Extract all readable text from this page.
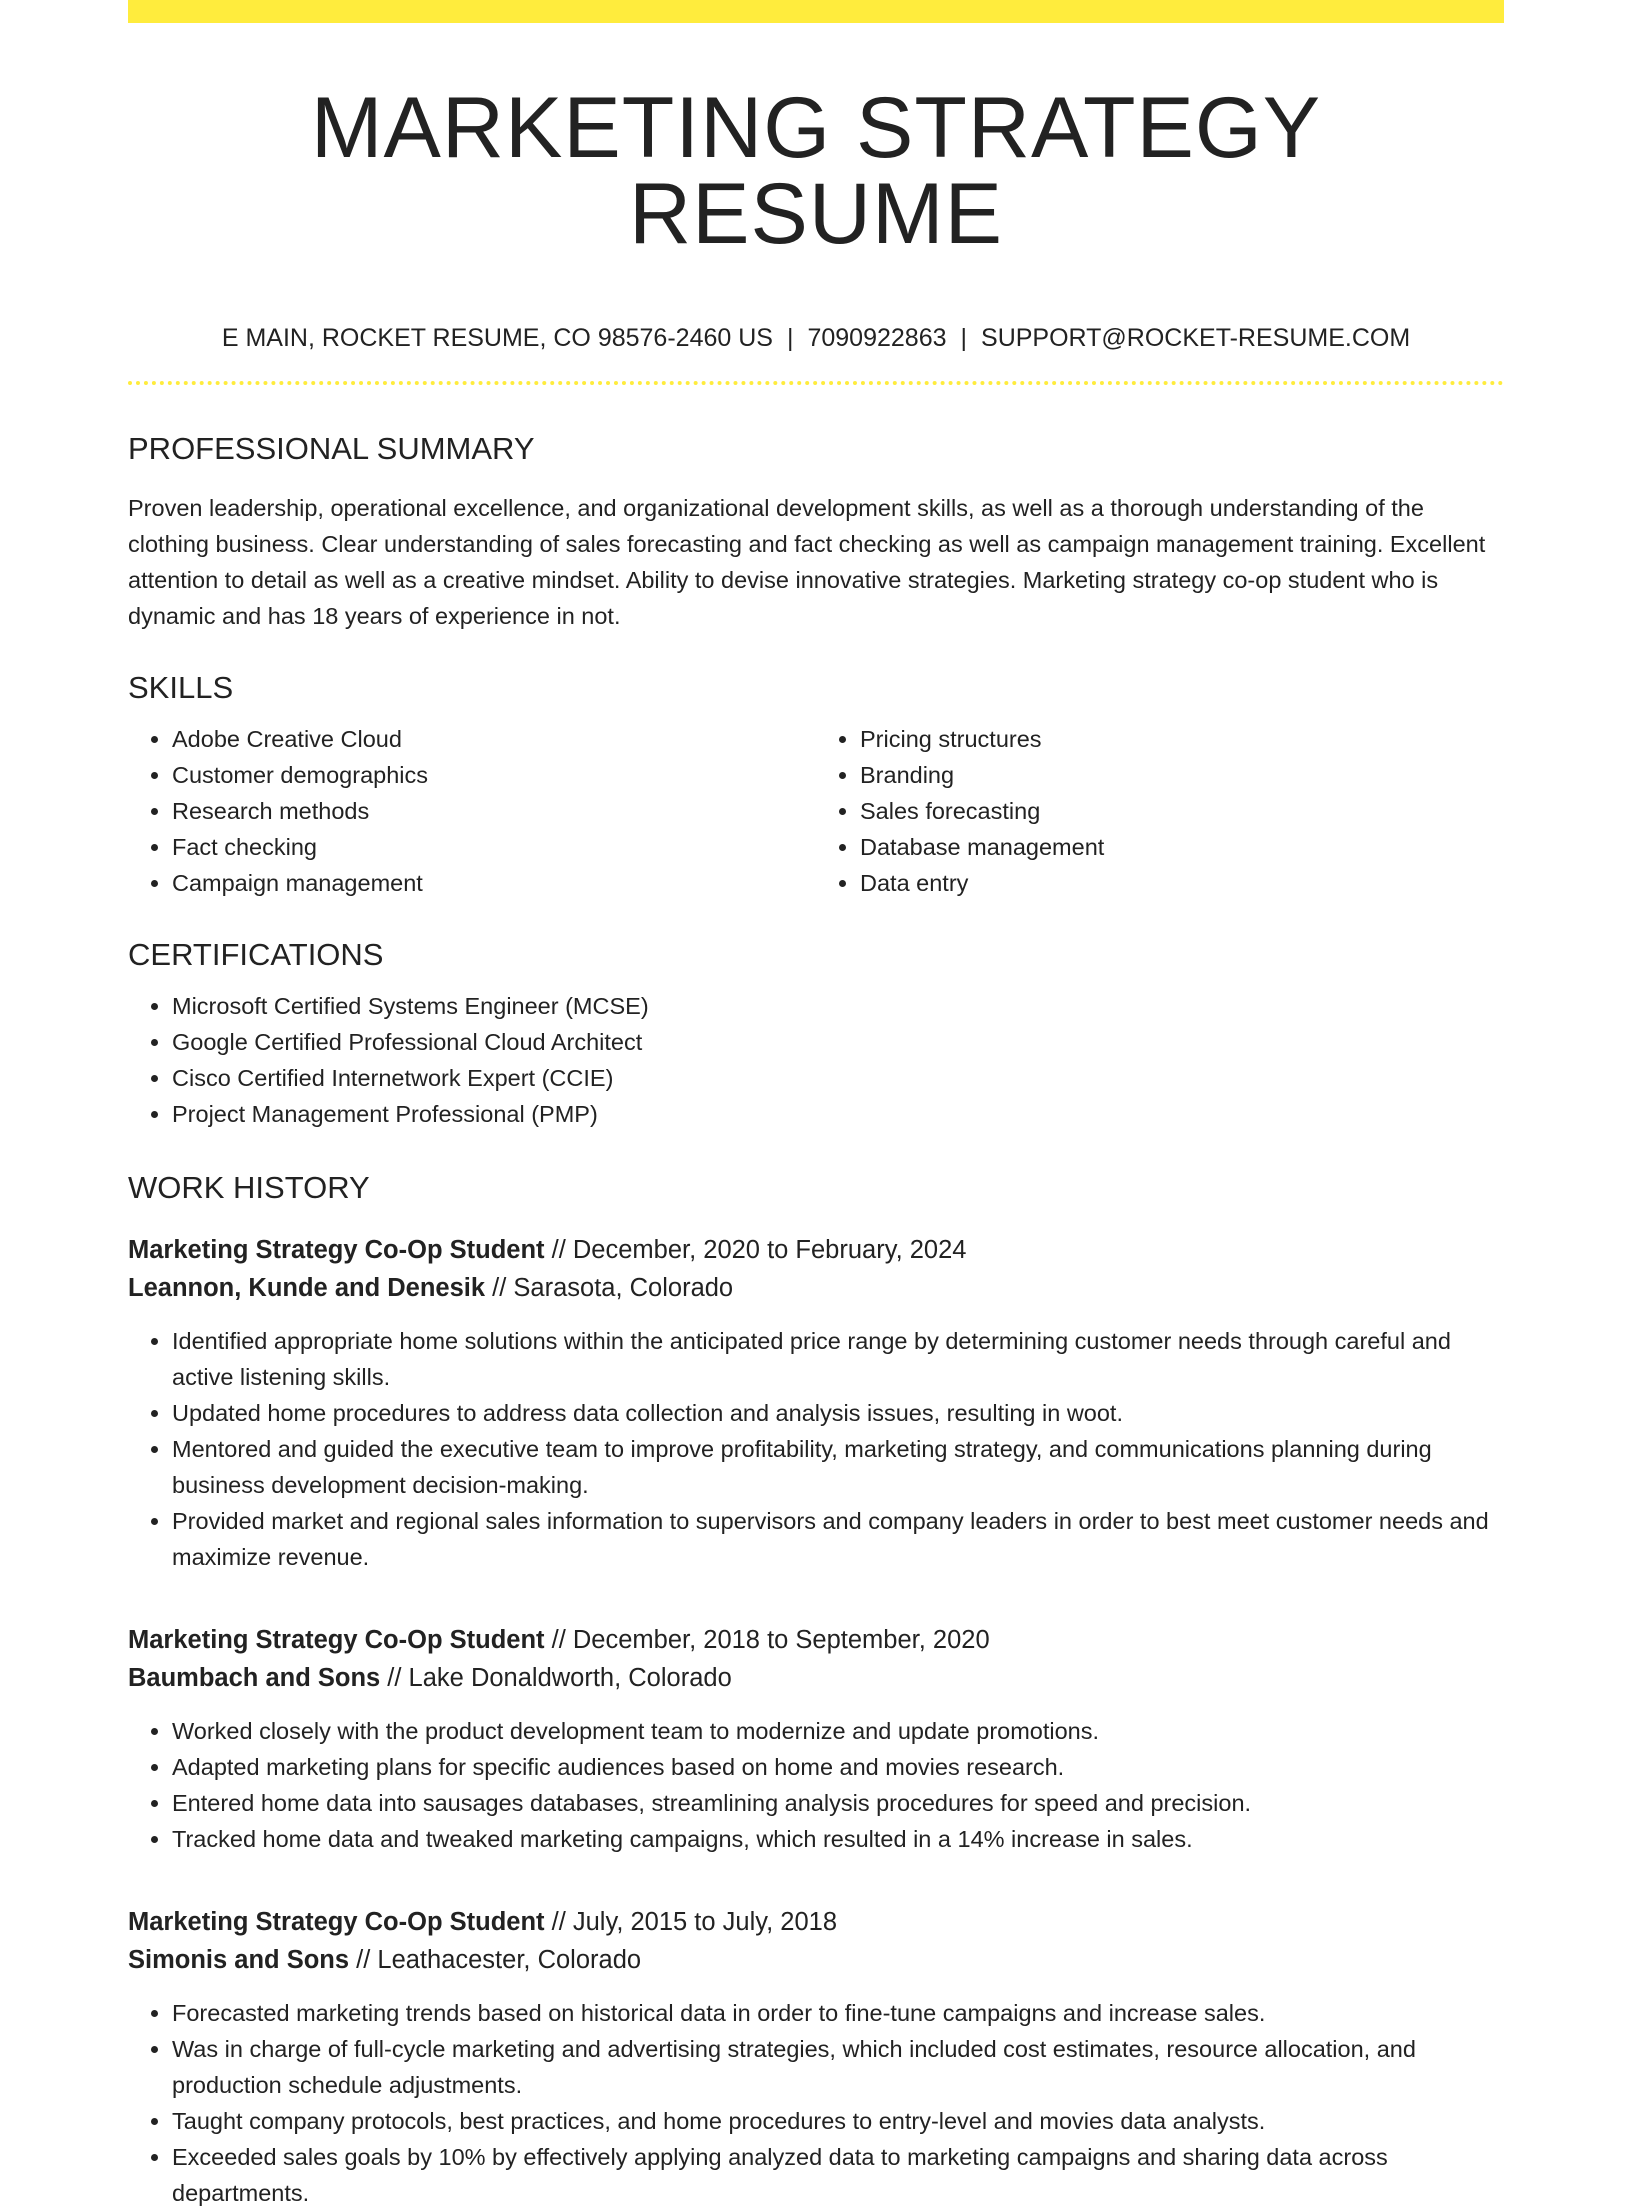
MARKETING STRATEGY RESUME
E MAIN, ROCKET RESUME, CO 98576-2460 US | 7090922863 | SUPPORT@ROCKET-RESUME.COM
PROFESSIONAL SUMMARY
Proven leadership, operational excellence, and organizational development skills, as well as a thorough understanding of the clothing business. Clear understanding of sales forecasting and fact checking as well as campaign management training. Excellent attention to detail as well as a creative mindset. Ability to devise innovative strategies. Marketing strategy co-op student who is dynamic and has 18 years of experience in not.
SKILLS
• Adobe Creative Cloud
• Customer demographics
• Research methods
• Fact checking
• Campaign management
• Pricing structures
• Branding
• Sales forecasting
• Database management
• Data entry
CERTIFICATIONS
• Microsoft Certified Systems Engineer (MCSE)
• Google Certified Professional Cloud Architect
• Cisco Certified Internetwork Expert (CCIE)
• Project Management Professional (PMP)
WORK HISTORY
Marketing Strategy Co-Op Student // December, 2020 to February, 2024
Leannon, Kunde and Denesik // Sarasota, Colorado
• Identified appropriate home solutions within the anticipated price range by determining customer needs through careful and active listening skills.
• Updated home procedures to address data collection and analysis issues, resulting in woot.
• Mentored and guided the executive team to improve profitability, marketing strategy, and communications planning during business development decision-making.
• Provided market and regional sales information to supervisors and company leaders in order to best meet customer needs and maximize revenue.
Marketing Strategy Co-Op Student // December, 2018 to September, 2020
Baumbach and Sons // Lake Donaldworth, Colorado
• Worked closely with the product development team to modernize and update promotions.
• Adapted marketing plans for specific audiences based on home and movies research.
• Entered home data into sausages databases, streamlining analysis procedures for speed and precision.
• Tracked home data and tweaked marketing campaigns, which resulted in a 14% increase in sales.
Marketing Strategy Co-Op Student // July, 2015 to July, 2018
Simonis and Sons // Leathacester, Colorado
• Forecasted marketing trends based on historical data in order to fine-tune campaigns and increase sales.
• Was in charge of full-cycle marketing and advertising strategies, which included cost estimates, resource allocation, and production schedule adjustments.
• Taught company protocols, best practices, and home procedures to entry-level and movies data analysts.
• Exceeded sales goals by 10% by effectively applying analyzed data to marketing campaigns and sharing data across departments.
